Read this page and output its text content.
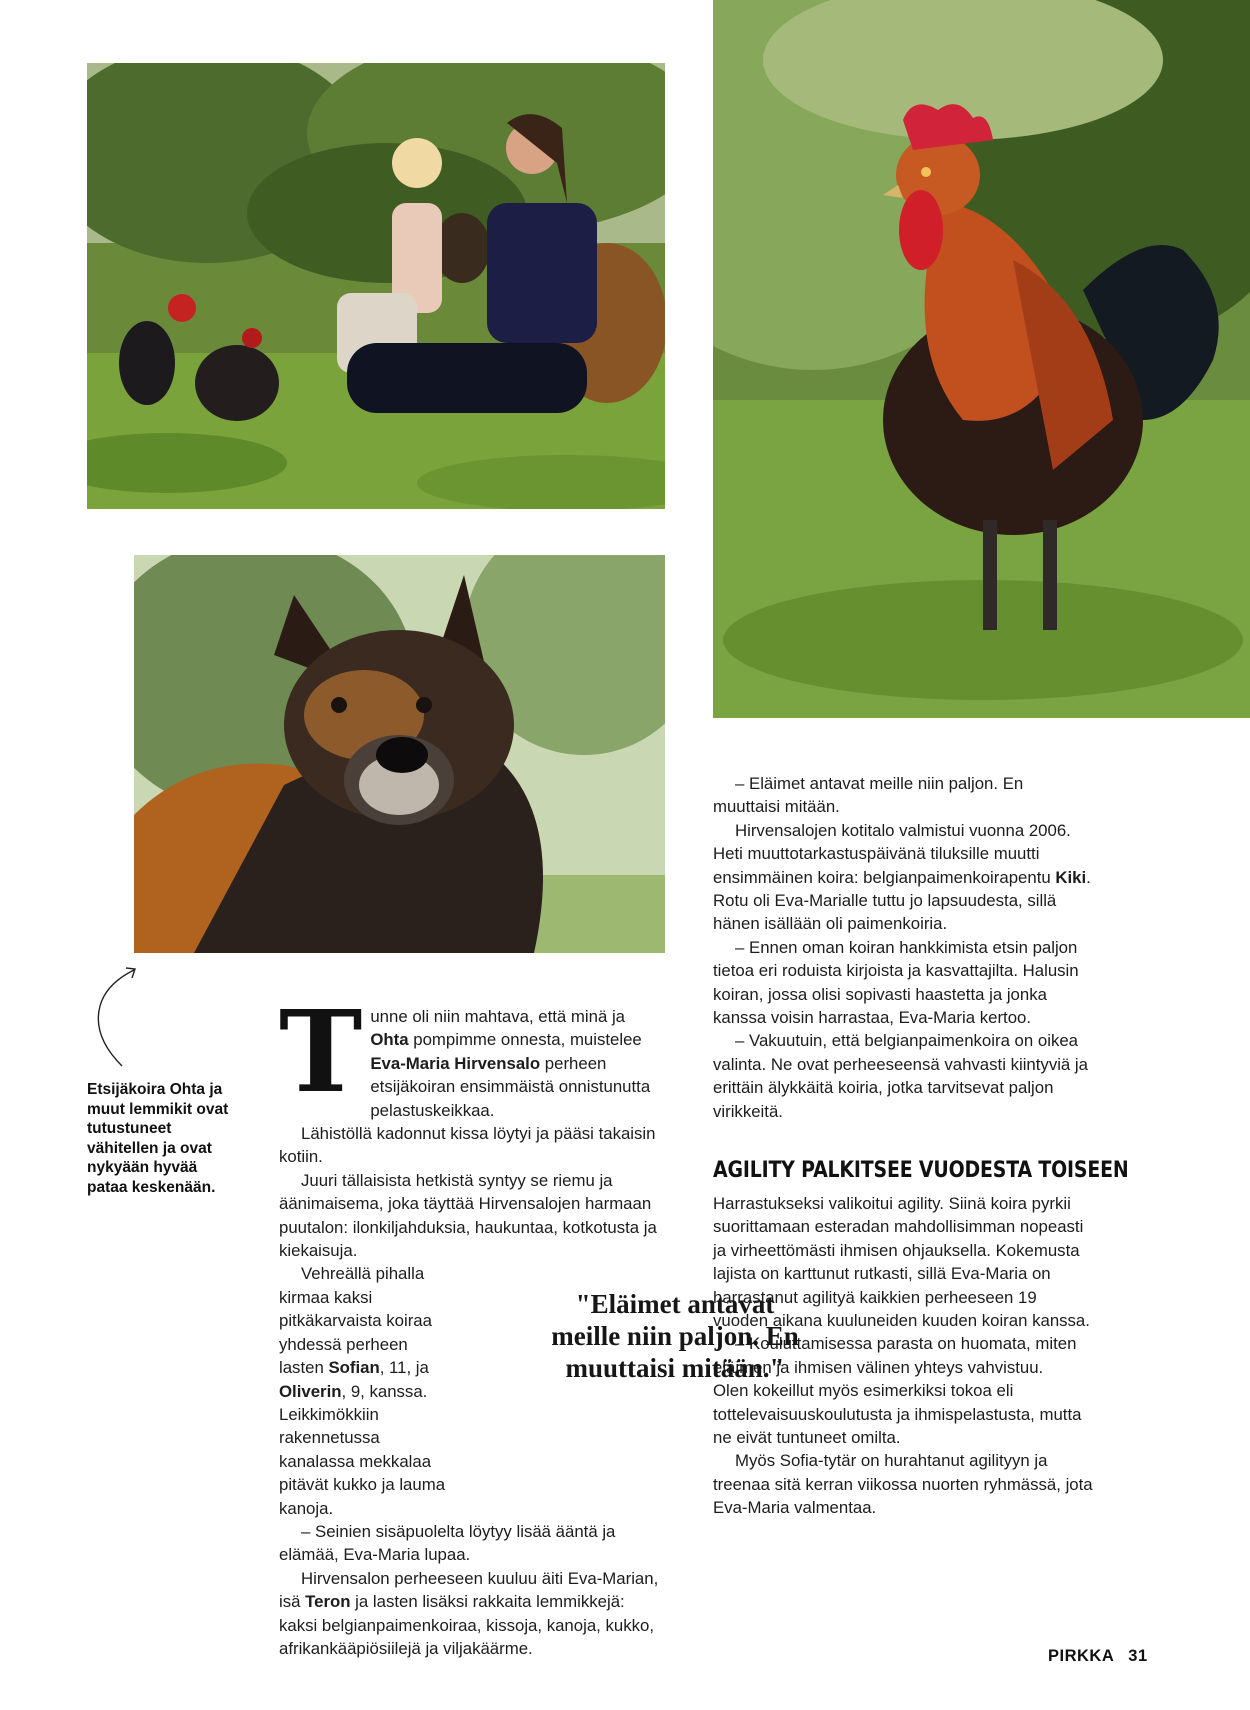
Etsijäkoira Ohta ja muut lemmikit ovat tutustuneet vähitellen ja ovat nykyään hyvää pataa keskenään.
T unne oli niin mahtava, että minä ja Ohta pompimme onnesta, muistelee Eva-Maria Hirvensalo perheen etsijäkoiran ensimmäistä onnistunutta pelastuskeikkaa.

Lähistöllä kadonnut kissa löytyi ja pääsi takaisin kotiin.

Juuri tällaisista hetkistä syntyy se riemu ja äänimaisema, joka täyttää Hirvensalojen harmaan puutalon: ilonkiljahduksia, haukuntaa, kotkotusta ja kiekaisuja.

Vehreällä pihalla kirmaa kaksi pitkäkarvaista koiraa yhdessä perheen lasten Sofian, 11, ja Oliverin, 9, kanssa. Leikkimökkiin rakennetussa kanalassa mekkalaa pitävät kukko ja lauma kanoja.

– Seinien sisäpuolelta löytyy lisää ääntä ja elämää, Eva-Maria lupaa.

Hirvensalon perheeseen kuuluu äiti Eva-Marian, isä Teron ja lasten lisäksi rakkaita lemmikkejä: kaksi belgianpaimenkoiraa, kissoja, kanoja, kukko, afrikankääpiösiilejä ja viljakäärme.

– Eläimet antavat meille niin paljon. En muuttaisi mitään.

Hirvensalojen kotitalo valmistui vuonna 2006. Heti muuttotarkastuspäivänä tiluksille muutti ensimmäinen koira: belgianpaimenkoirapentu Kiki. Rotu oli Eva-Marialle tuttu jo lapsuudesta, sillä hänen isällään oli paimenkoiria.

– Ennen oman koiran hankkimista etsin paljon tietoa eri roduista kirjoista ja kasvattajilta. Halusin koiran, jossa olisi sopivasti haastetta ja jonka kanssa voisin harrastaa, Eva-Maria kertoo.

– Vakuutuin, että belgianpaimenkoira on oikea valinta. Ne ovat perheeseensä vahvasti kiintyviä ja erittäin älykkäitä koiria, jotka tarvitsevat paljon virikkeitä.

AGILITY PALKITSEE VUODESTA TOISEEN

Harrastukseksi valikoitui agility. Siinä koira pyrkii suorittamaan esteradan mahdollisimman nopeasti

ja virheettömästi ihmisen ohjauksella. Kokemusta lajista on karttunut rutkasti, sillä Eva-Maria on harrastanut agilityä kaikkien perheeseen 19 vuoden aikana kuuluneiden kuuden koiran kanssa.

– Kouluttamisessa parasta on huomata, miten eläimen ja ihmisen välinen yhteys vahvistuu.

Olen kokeillut myös esimerkiksi tokoa eli tottelevaisuuskoulutusta ja ihmispelastusta, mutta ne eivät tuntuneet omilta.

Myös Sofia-tytär on hurahtanut agilityyn ja treenaa sitä kerran viikossa nuorten ryhmässä, jota Eva-Maria valmentaa.

"Eläimet antavat meille niin paljon. En muuttaisi mitään."
PIRKKA 31
